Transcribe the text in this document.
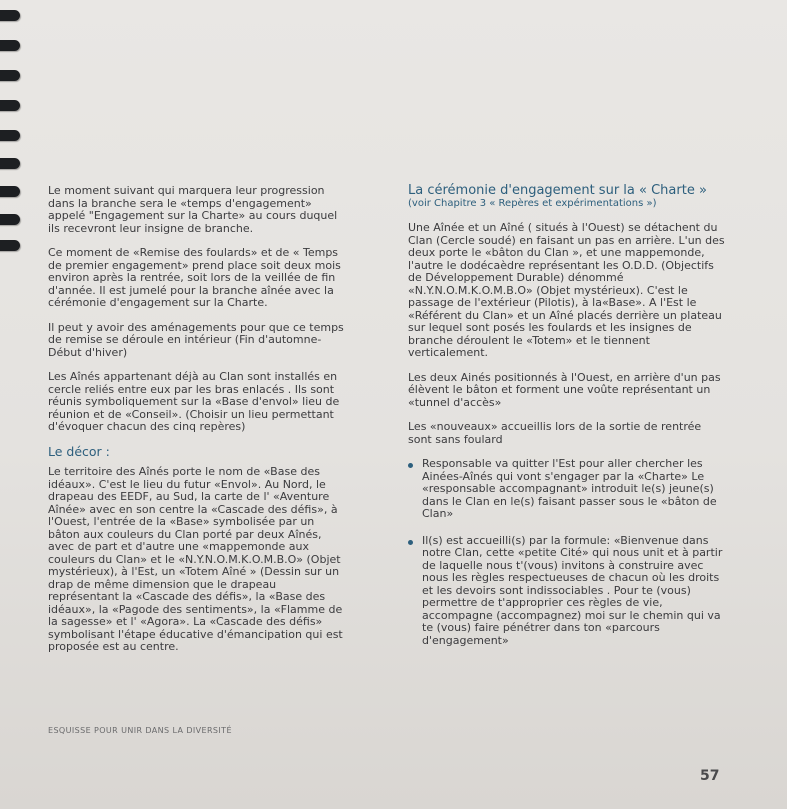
Le moment suivant qui marquera leur progression dans la branche sera le «temps d'engagement» appelé "Engagement sur la Charte» au cours duquel ils recevront leur insigne de branche.

Ce moment de «Remise des foulards» et de « Temps de premier engagement» prend place soit deux mois environ après la rentrée, soit lors de la veillée de fin d'année. Il est jumelé pour la branche aînée avec la cérémonie d'engagement sur la Charte.

Il peut y avoir des aménagements pour que ce temps de remise se déroule en intérieur (Fin d'automne-Début d'hiver)

Les Aînés appartenant déjà au Clan sont installés en cercle reliés entre eux par les bras enlacés . Ils sont réunis symboliquement sur la «Base d'envol» lieu de réunion et de «Conseil». (Choisir un lieu permettant d'évoquer chacun des cinq repères)

Le décor :

Le territoire des Aînés porte le nom de «Base des idéaux». C'est le lieu du futur «Envol». Au Nord, le drapeau des EEDF, au Sud, la carte de l' «Aventure Aînée» avec en son centre la «Cascade des défis», à l'Ouest, l'entrée de la «Base» symbolisée par un bâton aux couleurs du Clan porté par deux Aînés, avec de part et d'autre une «mappemonde aux couleurs du Clan» et le «N.Y.N.O.M.K.O.M.B.O» (Objet mystérieux), à l'Est, un «Totem Aîné » (Dessin sur un drap de même dimension que le drapeau représentant la «Cascade des défis», la «Base des idéaux», la «Pagode des sentiments», la «Flamme de la sagesse» et l' «Agora». La «Cascade des défis» symbolisant l'étape éducative d'émancipation qui est proposée est au centre.

La cérémonie d'engagement sur la « Charte »

(voir Chapitre 3 « Repères et expérimentations »)

Une Aînée et un Aîné ( situés à l'Ouest) se détachent du Clan (Cercle soudé) en faisant un pas en arrière. L'un des deux porte le «bâton du Clan », et une mappemonde, l'autre le dodécaèdre représentant les O.D.D. (Objectifs de Développement Durable) dénommé «N.Y.N.O.M.K.O.M.B.O» (Objet mystérieux). C'est le passage de l'extérieur (Pilotis), à la«Base». A l'Est le «Référent du Clan» et un Aîné placés derrière un plateau sur lequel sont posés les foulards et les insignes de branche déroulent le «Totem» et le tiennent verticalement.

Les deux Ainés positionnés à l'Ouest, en arrière d'un pas élèvent le bâton et forment une voûte représentant un «tunnel d'accès»

Les «nouveaux» accueillis lors de la sortie de rentrée sont sans foulard

Responsable va quitter l'Est pour aller chercher les Ainées-Aînés qui vont s'engager par la «Charte» Le «responsable accompagnant» introduit le(s) jeune(s) dans le Clan en le(s) faisant passer sous le «bâton de Clan»
Il(s) est accueilli(s) par la formule: «Bienvenue dans notre Clan, cette «petite Cité» qui nous unit et à partir de laquelle nous t'(vous) invitons à construire avec nous les règles respectueuses de chacun où les droits et les devoirs sont indissociables . Pour te (vous) permettre de t'approprier ces règles de vie, accompagne (accompagnez) moi sur le chemin qui va te (vous) faire pénétrer dans ton «parcours d'engagement»
ESQUISSE POUR UNIR DANS LA DIVERSITÉ
57
